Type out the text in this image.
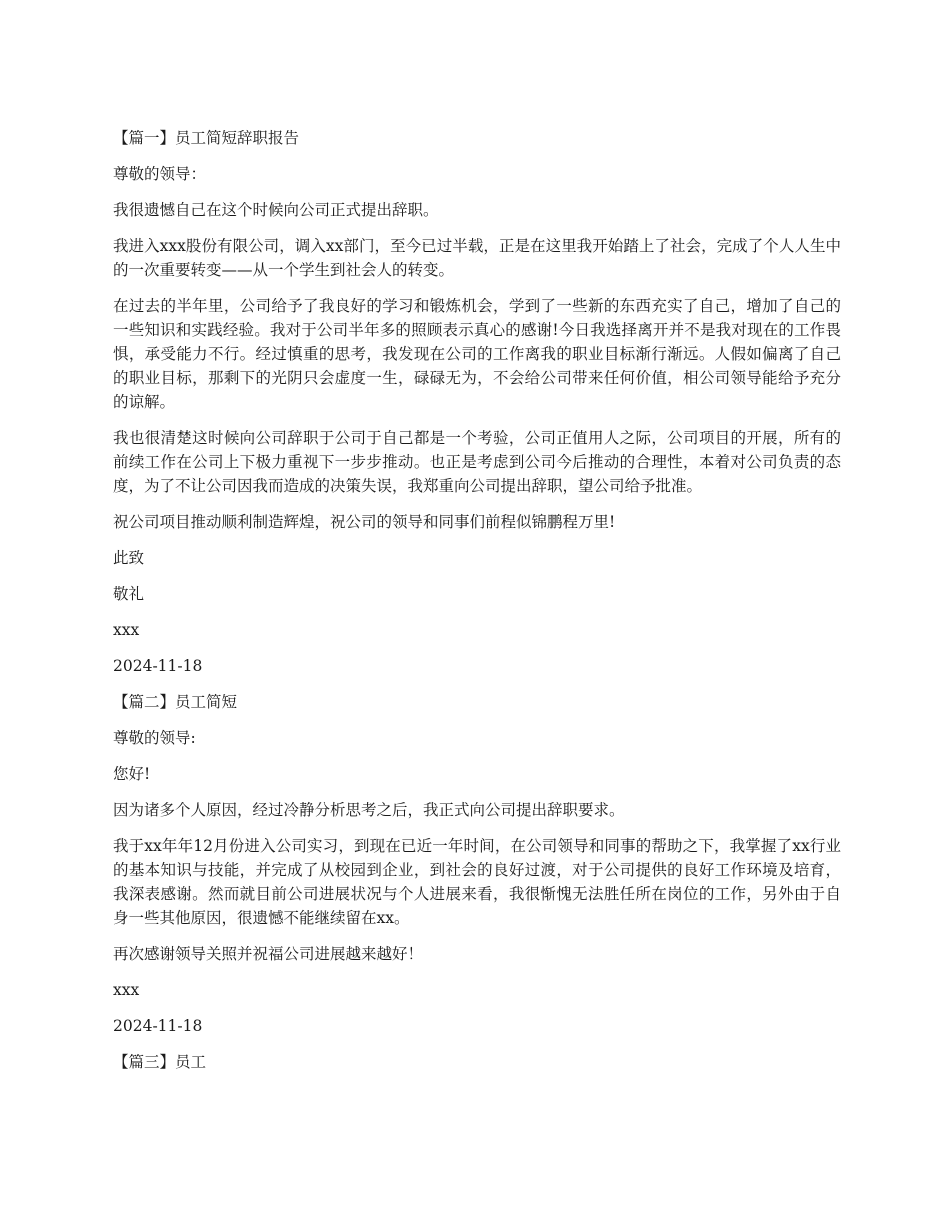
【篇一】员工简短辞职报告

尊敬的领导：

我很遗憾自己在这个时候向公司正式提出辞职。

我进入xxx股份有限公司，调入xx部门，至今已过半载，正是在这里我开始踏上了社会，完成了个人人生中的一次重要转变——从一个学生到社会人的转变。

在过去的半年里，公司给予了我良好的学习和锻炼机会，学到了一些新的东西充实了自己，增加了自己的一些知识和实践经验。我对于公司半年多的照顾表示真心的感谢!今日我选择离开并不是我对现在的工作畏惧，承受能力不行。经过慎重的思考，我发现在公司的工作离我的职业目标渐行渐远。人假如偏离了自己的职业目标，那剩下的光阴只会虚度一生，碌碌无为，不会给公司带来任何价值，相公司领导能给予充分的谅解。

我也很清楚这时候向公司辞职于公司于自己都是一个考验，公司正值用人之际，公司项目的开展，所有的前续工作在公司上下极力重视下一步步推动。也正是考虑到公司今后推动的合理性，本着对公司负责的态度，为了不让公司因我而造成的决策失误，我郑重向公司提出辞职，望公司给予批准。

祝公司项目推动顺利制造辉煌，祝公司的领导和同事们前程似锦鹏程万里!

此致

敬礼

xxx

2024-11-18

【篇二】员工简短

尊敬的领导:

您好!

因为诸多个人原因，经过冷静分析思考之后，我正式向公司提出辞职要求。

我于xx年年12月份进入公司实习，到现在已近一年时间，在公司领导和同事的帮助之下，我掌握了xx行业的基本知识与技能，并完成了从校园到企业，到社会的良好过渡，对于公司提供的良好工作环境及培育，我深表感谢。然而就目前公司进展状况与个人进展来看，我很惭愧无法胜任所在岗位的工作，另外由于自身一些其他原因，很遗憾不能继续留在xx。

再次感谢领导关照并祝福公司进展越来越好！

xxx

2024-11-18

【篇三】员工
